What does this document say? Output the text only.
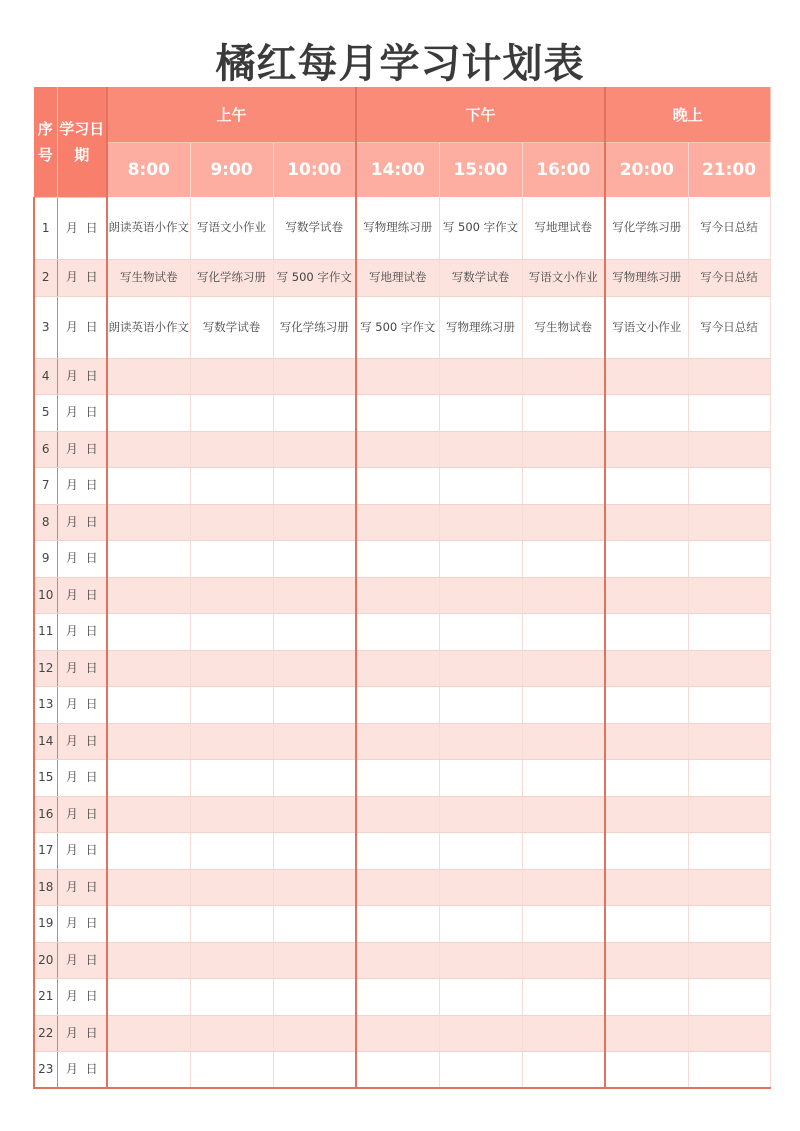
橘红每月学习计划表
序号	学习日期	上午			下午			晚上	
		8:00	9:00	10:00	14:00	15:00	16:00	20:00	21:00
1	月 日	朗读英语小作文	写语文小作业	写数学试卷	写物理练习册	写 500 字作文	写地理试卷	写化学练习册	写今日总结
2	月 日	写生物试卷	写化学练习册	写 500 字作文	写地理试卷	写数学试卷	写语文小作业	写物理练习册	写今日总结
3	月 日	朗读英语小作文	写数学试卷	写化学练习册	写 500 字作文	写物理练习册	写生物试卷	写语文小作业	写今日总结
4	月 日								
5	月 日								
6	月 日								
7	月 日								
8	月 日								
9	月 日								
10	月 日								
11	月 日								
12	月 日								
13	月 日								
14	月 日								
15	月 日								
16	月 日								
17	月 日								
18	月 日								
19	月 日								
20	月 日								
21	月 日								
22	月 日								
23	月 日								
